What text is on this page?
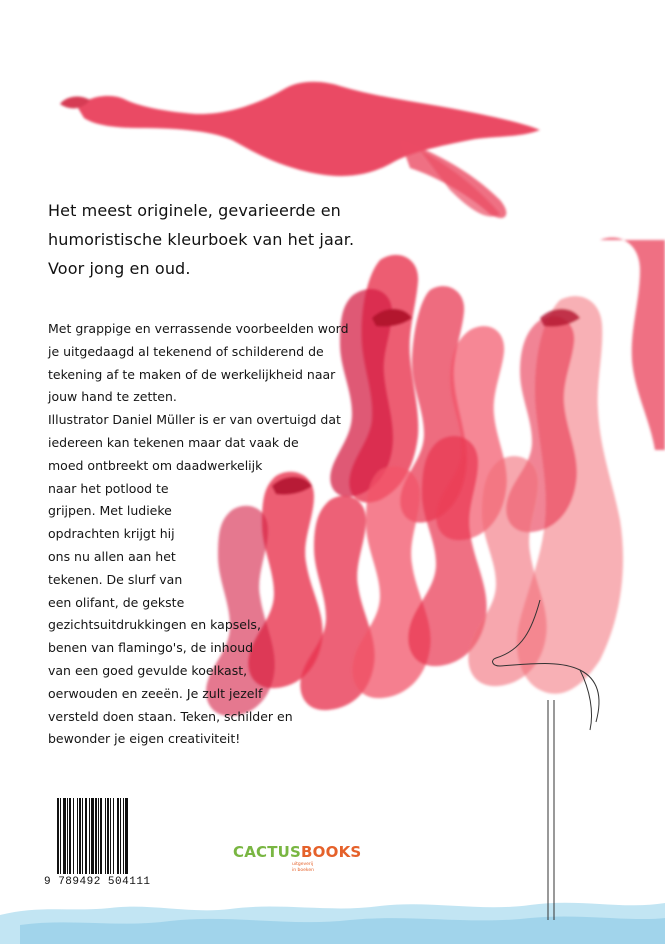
Het meest originele, gevarieerde en
humoristische kleurboek van het jaar.
Voor jong en oud.
Met grappige en verrassende voorbeelden word
je uitgedaagd al tekenend of schilderend de
tekening af te maken of de werkelijkheid naar
jouw hand te zetten.
Illustrator Daniel Müller is er van overtuigd dat
iedereen kan tekenen maar dat vaak de
moed ontbreekt om daadwerkelijk
naar het potlood te
grijpen. Met ludieke
opdrachten krijgt hij
ons nu allen aan het
tekenen. De slurf van
een olifant, de gekste
gezichtsuitdrukkingen en kapsels,
benen van flamingo's, de inhoud
van een goed gevulde koelkast,
oerwouden en zeeën. Je zult jezelf
versteld doen staan. Teken, schilder en
bewonder je eigen creativiteit!
9 789492 504111
CACTUSBOOKS
uitgeverij
in boeken
